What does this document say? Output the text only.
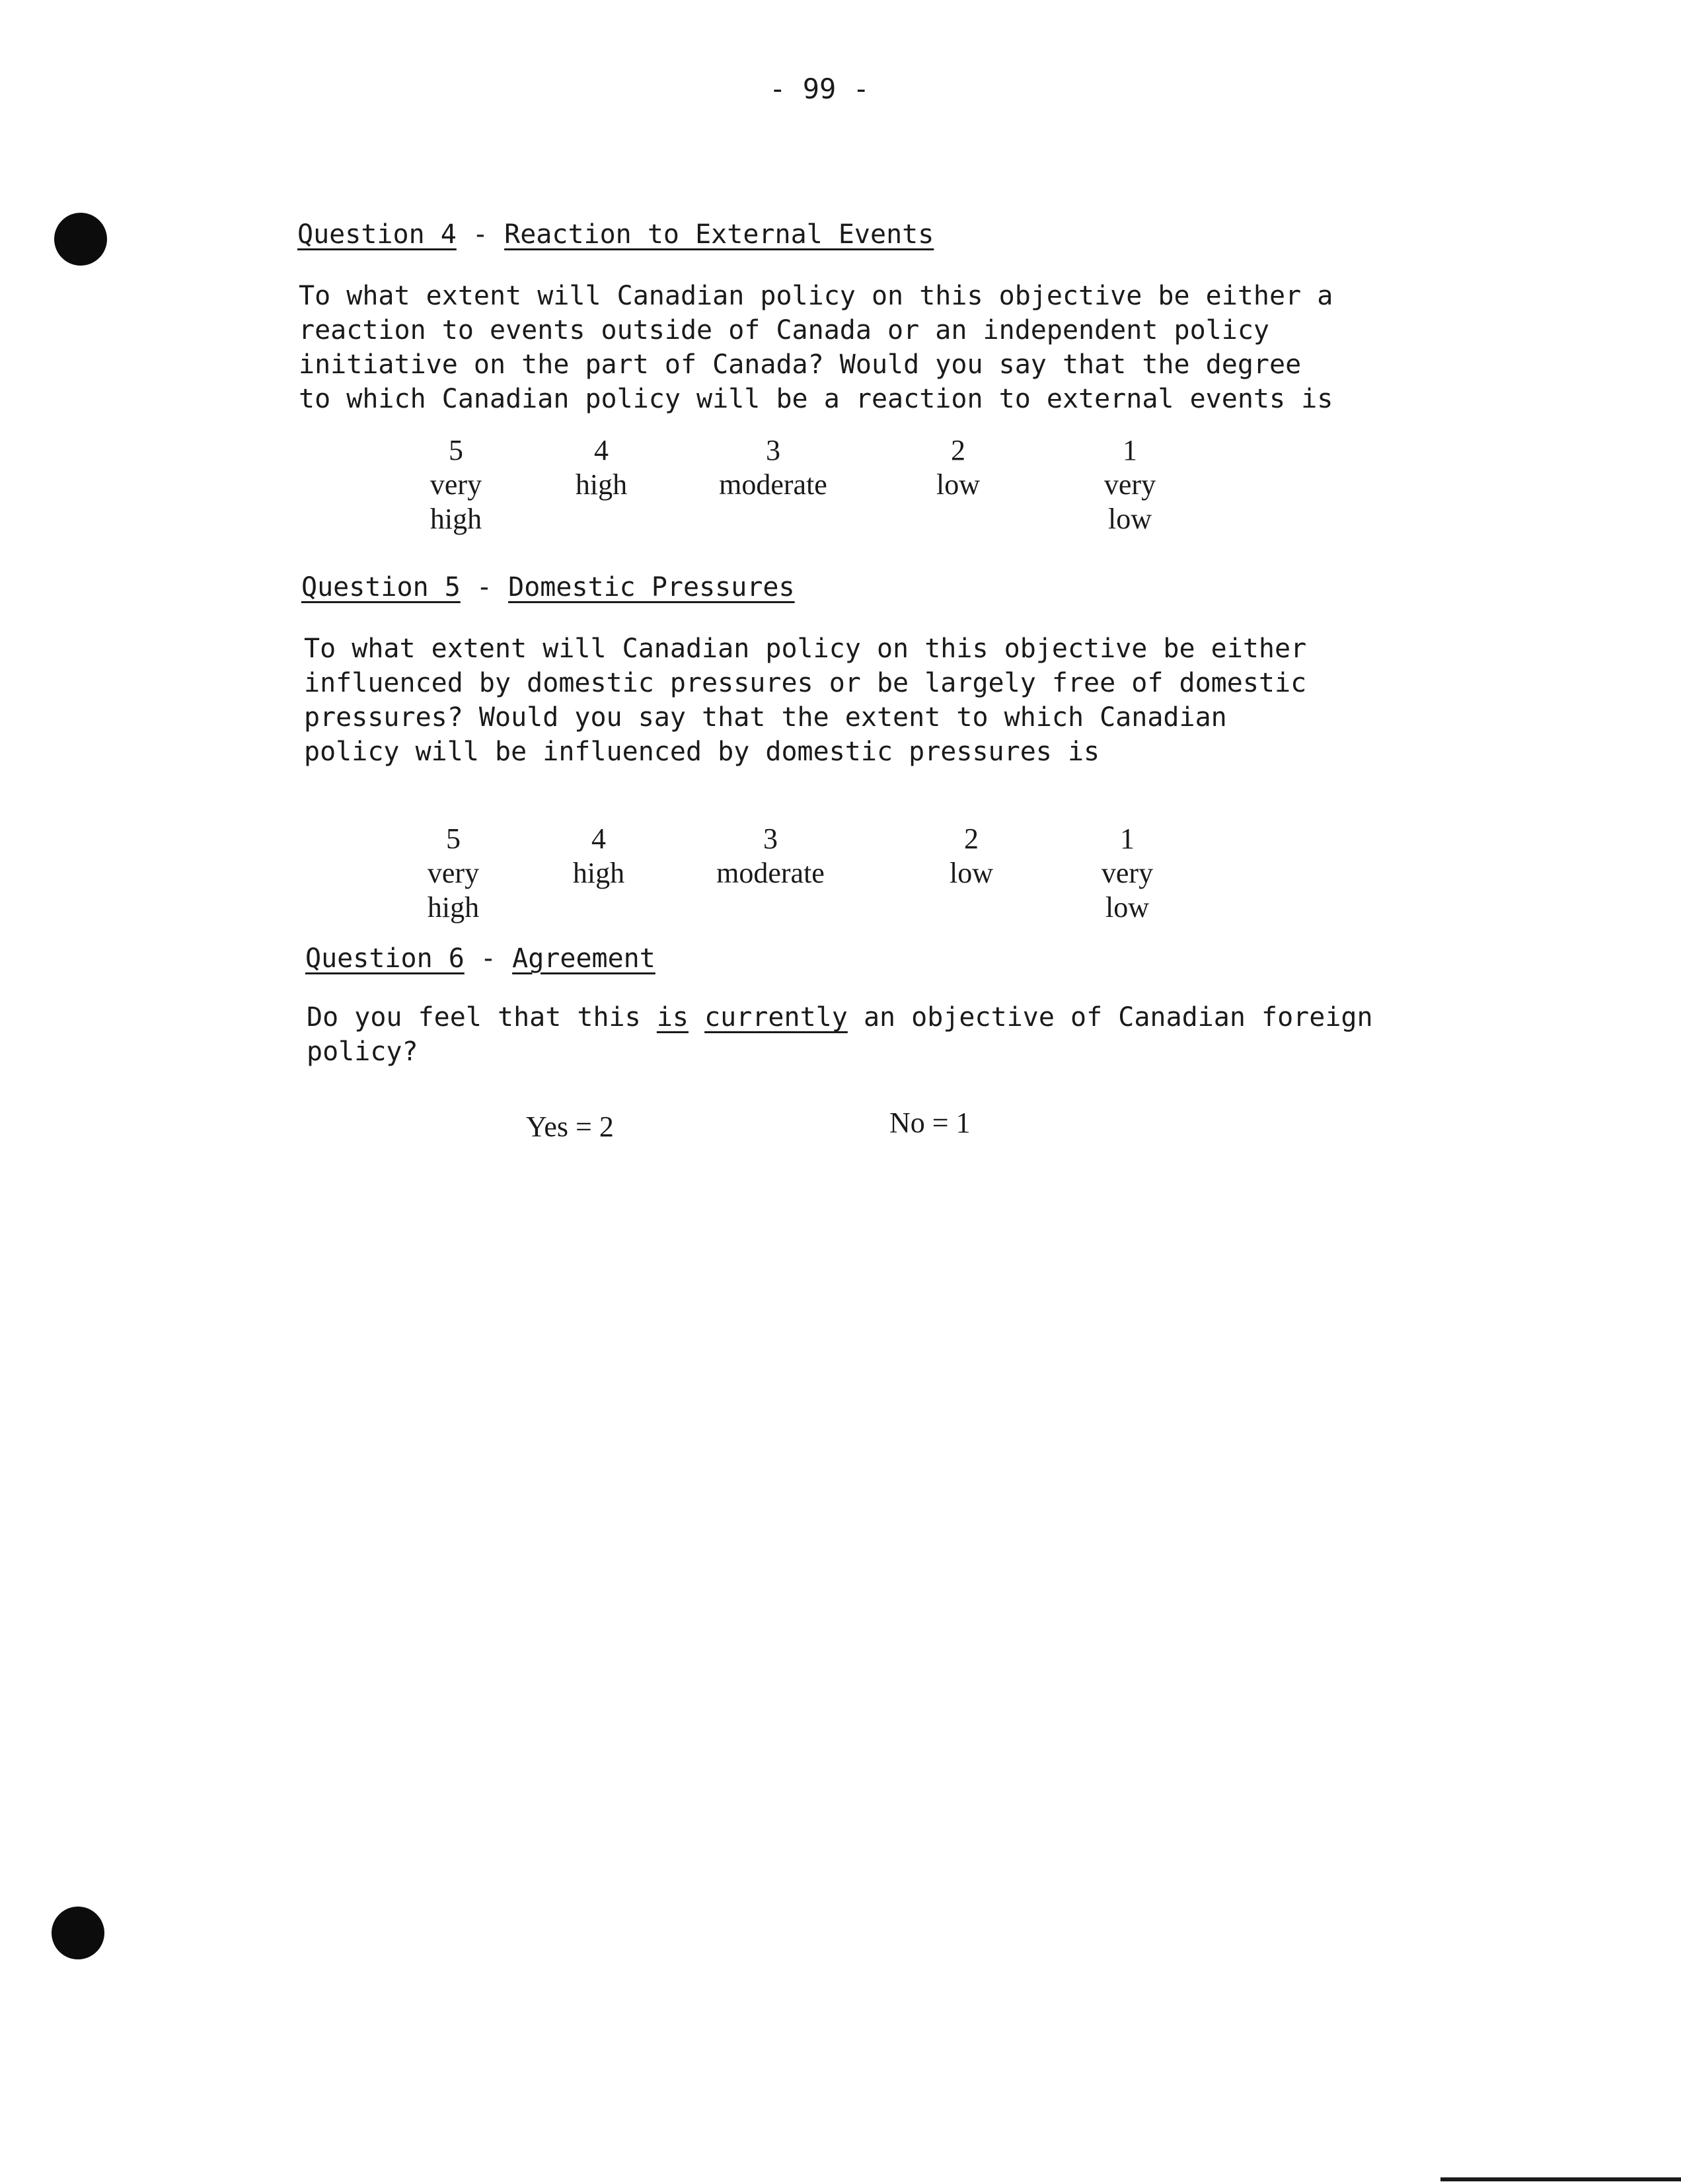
- 99 -
Question 4 - Reaction to External Events

To what extent will Canadian policy on this objective be either a

reaction to events outside of Canada or an independent policy

initiative on the part of Canada? Would you say that the degree

to which Canadian policy will be a reaction to external events is

5
very
high
4
high
3
moderate
2
low
1
very
low
Question 5 - Domestic Pressures

To what extent will Canadian policy on this objective be either

influenced by domestic pressures or be largely free of domestic

pressures? Would you say that the extent to which Canadian

policy will be influenced by domestic pressures is

5
very
high
4
high
3
moderate
2
low
1
very
low
Question 6 - Agreement

Do you feel that this is currently an objective of Canadian foreign

policy?

Yes = 2	No = 1
